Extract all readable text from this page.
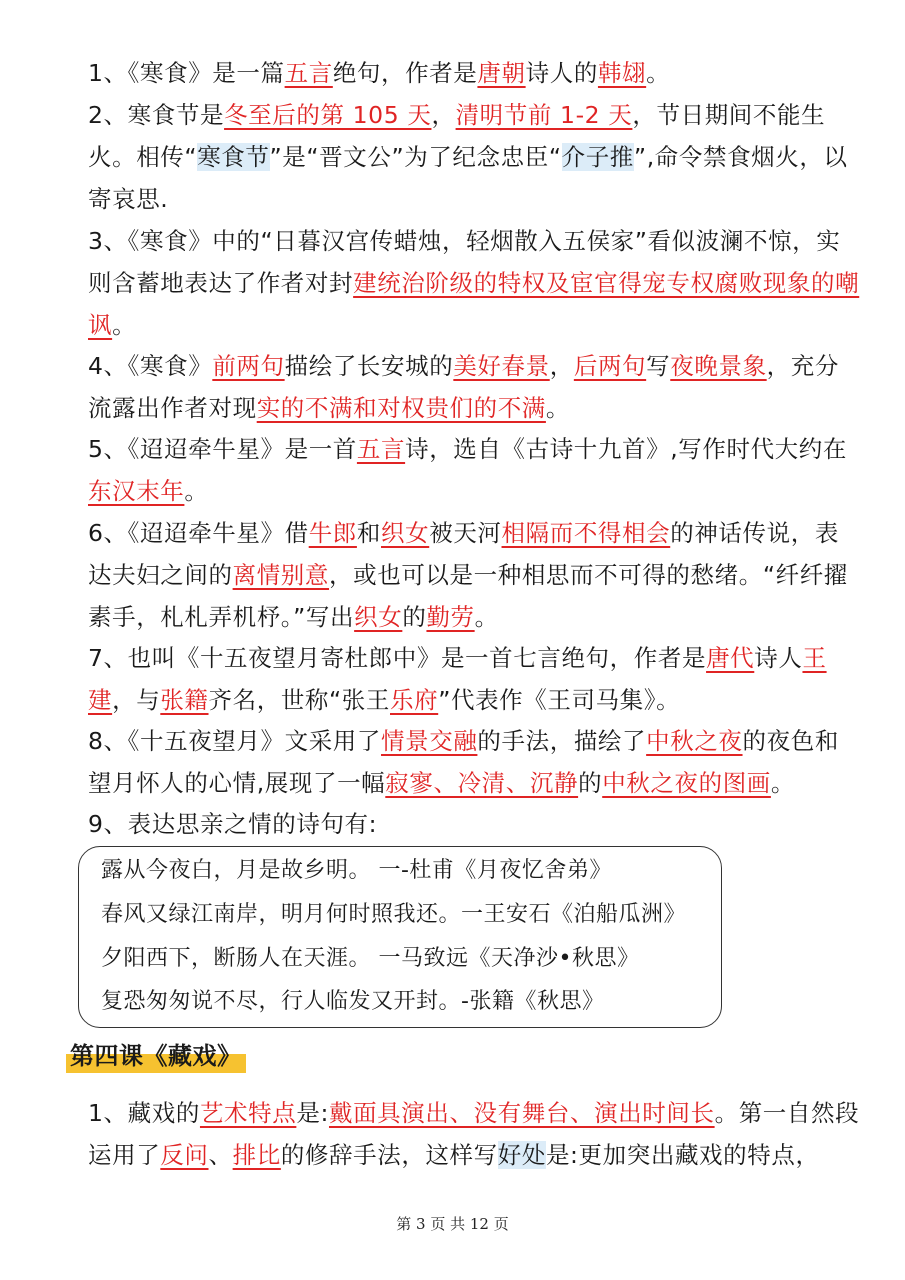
1、《寒食》是一篇五言绝句，作者是唐朝诗人的韩翃。
2、寒食节是冬至后的第 105 天，清明节前 1-2 天，节日期间不能生火。相传“寒食节”是“晋文公”为了纪念忠臣“介子推”,命令禁食烟火，以寄哀思.
3、《寒食》中的“日暮汉宫传蜡烛，轻烟散入五侯家”看似波澜不惊，实则含蓄地表达了作者对封建统治阶级的特权及宦官得宠专权腐败现象的嘲讽。
4、《寒食》前两句描绘了长安城的美好春景，后两句写夜晚景象，充分流露出作者对现实的不满和对权贵们的不满。
5、《迢迢牵牛星》是一首五言诗，选自《古诗十九首》,写作时代大约在东汉末年。
6、《迢迢牵牛星》借牛郎和织女被天河相隔而不得相会的神话传说，表达夫妇之间的离情别意，或也可以是一种相思而不可得的愁绪。“纤纤擢素手，札札弄机杼。”写出织女的勤劳。
7、也叫《十五夜望月寄杜郎中》是一首七言绝句，作者是唐代诗人王建，与张籍齐名，世称“张王乐府”代表作《王司马集》。
8、《十五夜望月》文采用了情景交融的手法，描绘了中秋之夜的夜色和望月怀人的心情,展现了一幅寂寥、冷清、沉静的中秋之夜的图画。
9、表达思亲之情的诗句有:
露从今夜白，月是故乡明。 一-杜甫《月夜忆舍弟》
春风又绿江南岸，明月何时照我还。一王安石《泊船瓜洲》
夕阳西下，断肠人在天涯。 一马致远《天净沙•秋思》
复恐匆匆说不尽，行人临发又开封。-张籍《秋思》
第四课《藏戏》
1、藏戏的艺术特点是:戴面具演出、没有舞台、演出时间长。第一自然段运用了反问、排比的修辞手法，这样写好处是:更加突出藏戏的特点，
第 3 页 共 12 页
